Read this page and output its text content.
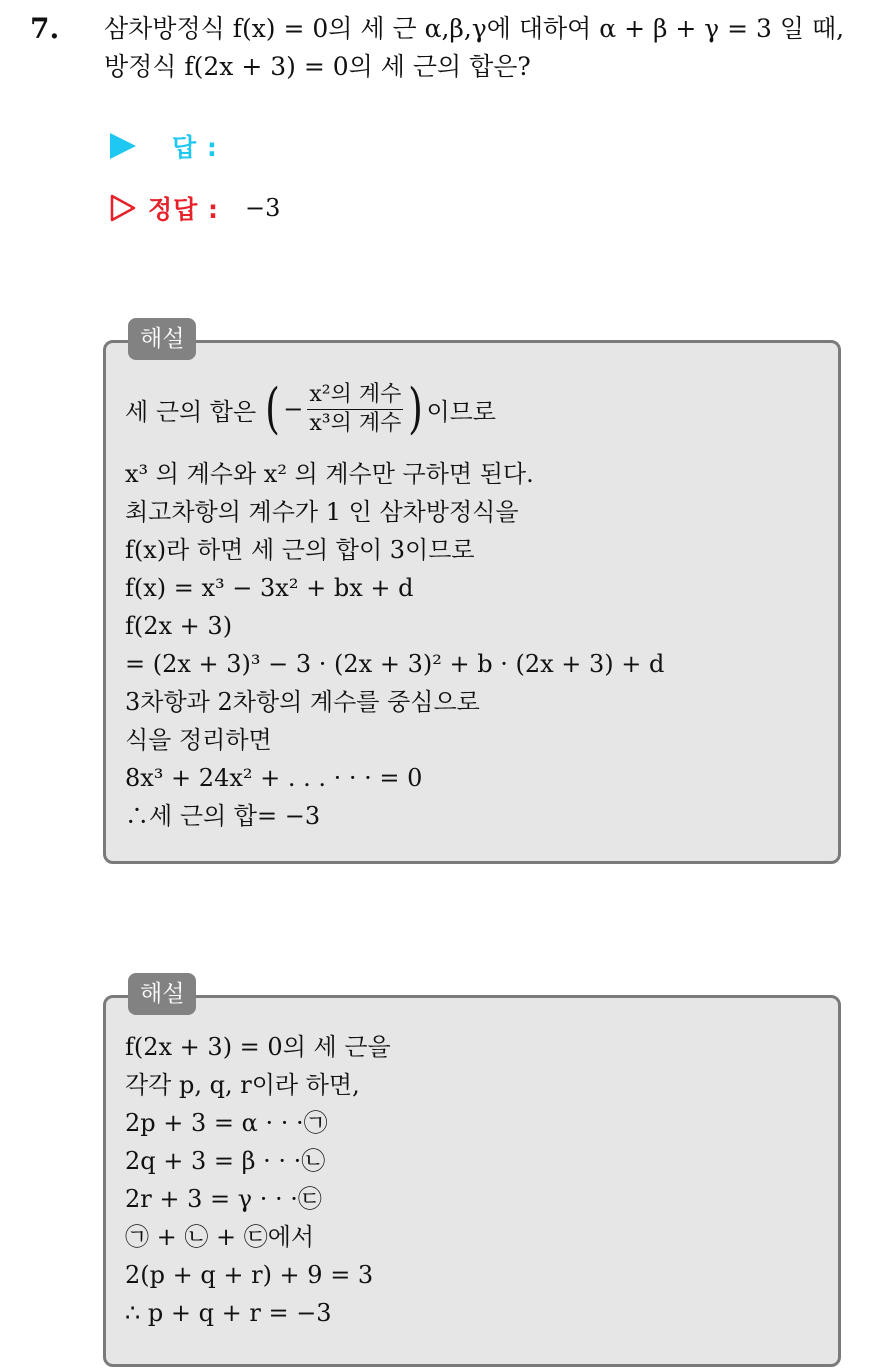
7. 삼차방정식 f(x) = 0의 세 근 α,β,γ에 대하여 α + β + γ = 3 일 때,
방정식 f(2x + 3) = 0의 세 근의 합은?
답 :
정답 : −3
해설
세 근의 합은 ( − $\frac{\text{x²의 계수}}{\text{x³의 계수}}$ ) 이므로
x³ 의 계수와 x² 의 계수만 구하면 된다.
최고차항의 계수가 1 인 삼차방정식을
f(x)라 하면 세 근의 합이 3이므로
f(x) = x³ − 3x² + bx + d
f(2x + 3)
= (2x + 3)³ − 3 · (2x + 3)² + b · (2x + 3) + d
3차항과 2차항의 계수를 중심으로
식을 정리하면
8x³ + 24x² + . . . · · · = 0
∴세 근의 합= −3
해설
f(2x + 3) = 0의 세 근을
각각 p, q, r이라 하면,
2p + 3 = α · · ·㉠
2q + 3 = β · · ·㉡
2r + 3 = γ · · ·㉢
㉠ + ㉡ + ㉢에서
2(p + q + r) + 9 = 3
∴ p + q + r = −3
